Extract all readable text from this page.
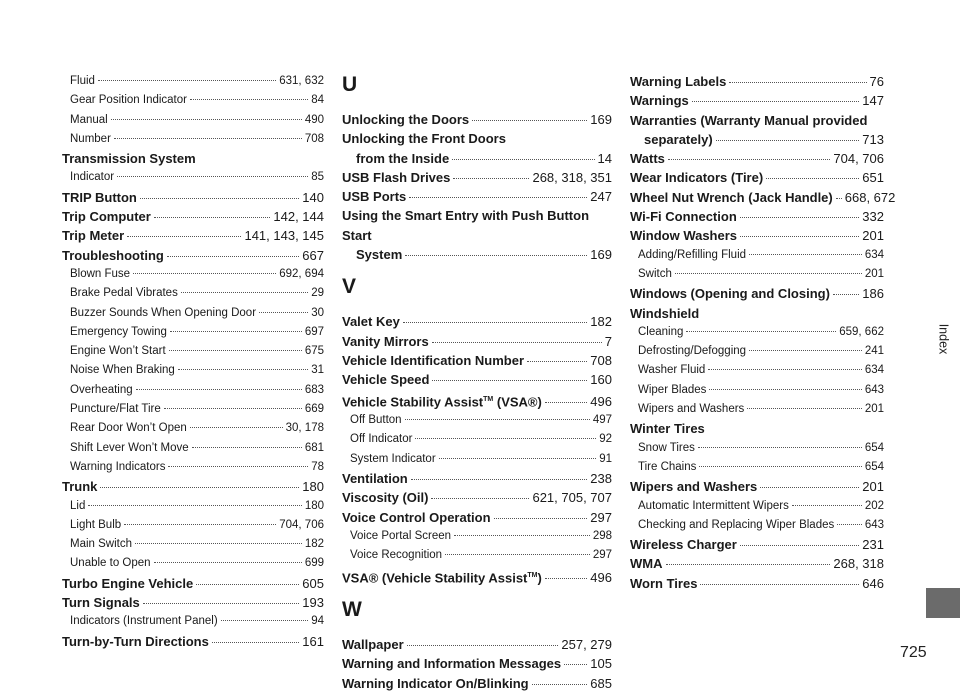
Fluid	631, 632
Gear Position Indicator	84
Manual	490
Number	708
Transmission System
Indicator	85
TRIP Button	140
Trip Computer	142, 144
Trip Meter	141, 143, 145
Troubleshooting	667
Blown Fuse	692, 694
Brake Pedal Vibrates	29
Buzzer Sounds When Opening Door	30
Emergency Towing	697
Engine Won’t Start	675
Noise When Braking	31
Overheating	683
Puncture/Flat Tire	669
Rear Door Won’t Open	30, 178
Shift Lever Won’t Move	681
Warning Indicators	78
Trunk	180
Lid	180
Light Bulb	704, 706
Main Switch	182
Unable to Open	699
Turbo Engine Vehicle	605
Turn Signals	193
Indicators (Instrument Panel)	94
Turn-by-Turn Directions	161
U
Unlocking the Doors	169
Unlocking the Front Doors
from the Inside	14
USB Flash Drives	268, 318, 351
USB Ports	247
Using the Smart Entry with Push Button Start
System	169
V
Valet Key	182
Vanity Mirrors	7
Vehicle Identification Number	708
Vehicle Speed	160
Vehicle Stability Assist™ (VSA®)	496
Off Button	497
Off Indicator	92
System Indicator	91
Ventilation	238
Viscosity (Oil)	621, 705, 707
Voice Control Operation	297
Voice Portal Screen	298
Voice Recognition	297
VSA® (Vehicle Stability Assist™)	496
W
Wallpaper	257, 279
Warning and Information Messages 105
Warning Indicator On/Blinking	685
Warning Labels	76
Warnings	147
Warranties (Warranty Manual provided
separately)	713
Watts	704, 706
Wear Indicators (Tire)	651
Wheel Nut Wrench (Jack Handle) 668, 672
Wi-Fi Connection	332
Window Washers	201
Adding/Refilling Fluid	634
Switch	201
Windows (Opening and Closing) 186
Windshield
Cleaning	659, 662
Defrosting/Defogging	241
Washer Fluid	634
Wiper Blades	643
Wipers and Washers	201
Winter Tires
Snow Tires	654
Tire Chains	654
Wipers and Washers	201
Automatic Intermittent Wipers	202
Checking and Replacing Wiper Blades	643
Wireless Charger	231
WMA	268, 318
Worn Tires	646
Index
725
